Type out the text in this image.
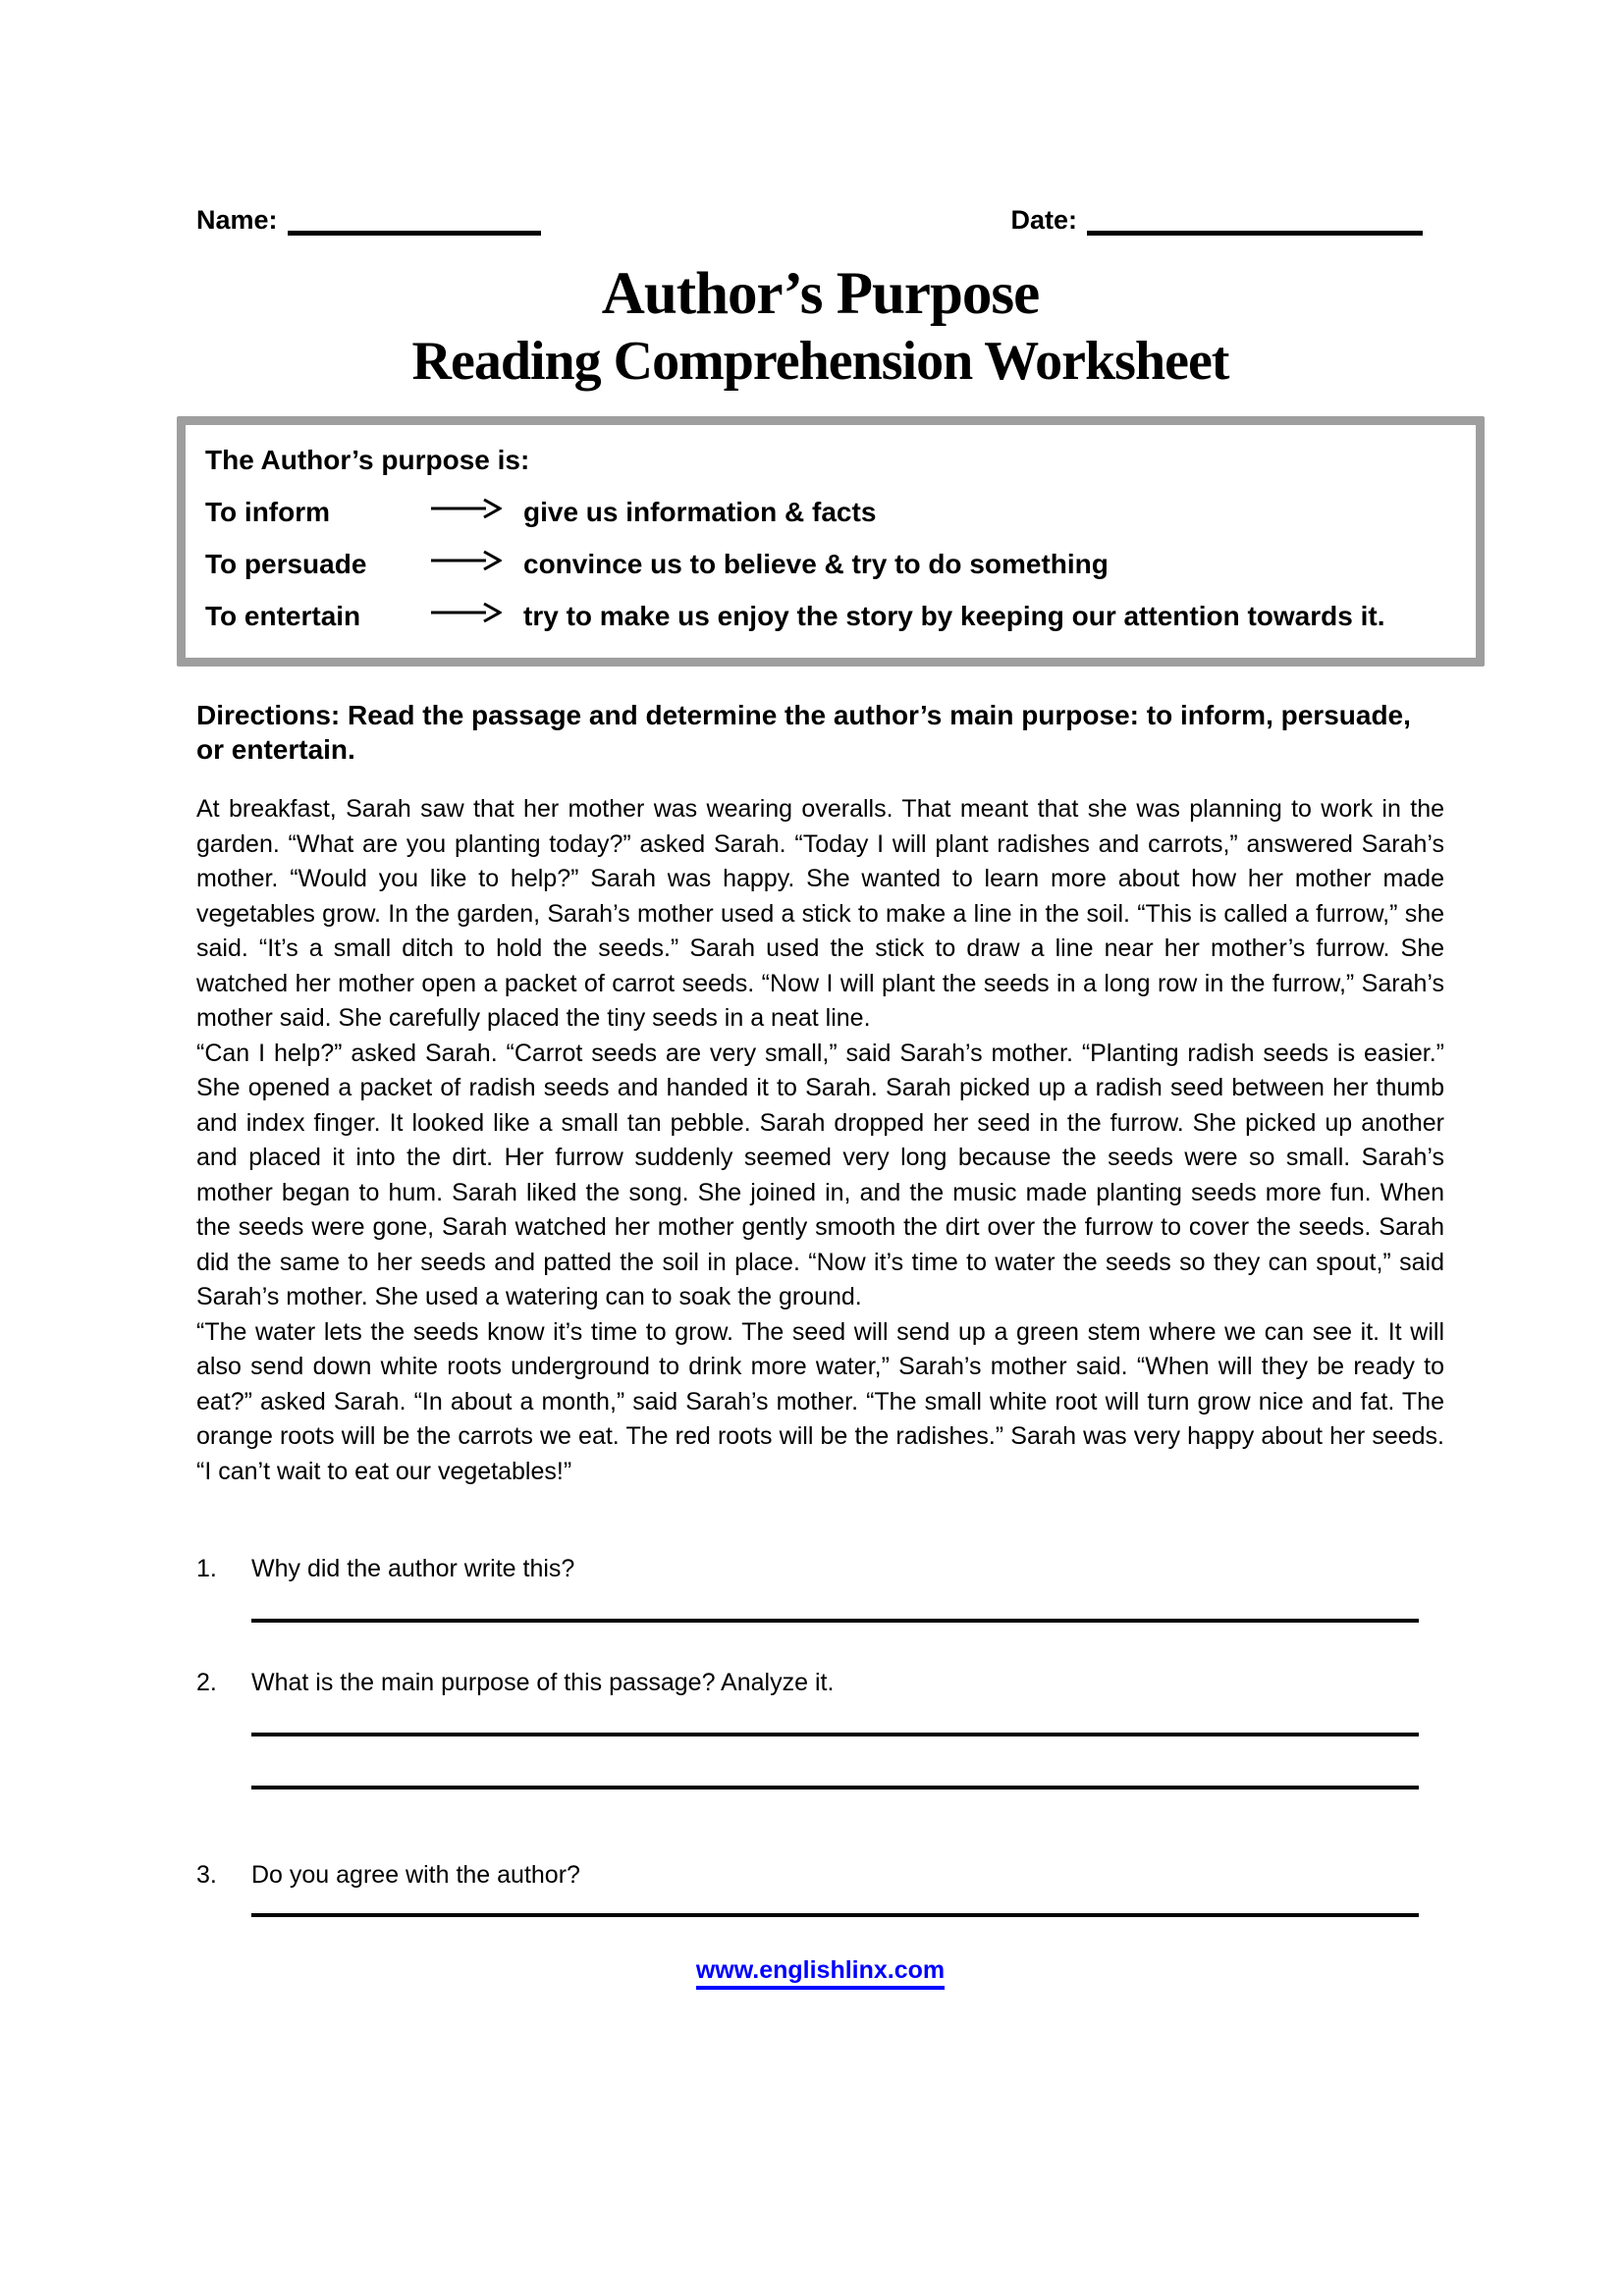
Name:	Date:
Author’s Purpose
Reading Comprehension Worksheet
The Author’s purpose is:
To inform	give us information & facts
To persuade	convince us to believe & try to do something
To entertain	try to make us enjoy the story by keeping our attention towards it.

Directions: Read the passage and determine the author’s main purpose: to inform, persuade, or entertain.

At breakfast, Sarah saw that her mother was wearing overalls. That meant that she was planning to work in the garden. “What are you planting today?” asked Sarah. “Today I will plant radishes and carrots,” answered Sarah’s mother. “Would you like to help?” Sarah was happy. She wanted to learn more about how her mother made vegetables grow. In the garden, Sarah’s mother used a stick to make a line in the soil. “This is called a furrow,” she said. “It’s a small ditch to hold the seeds.” Sarah used the stick to draw a line near her mother’s furrow. She watched her mother open a packet of carrot seeds. “Now I will plant the seeds in a long row in the furrow,” Sarah’s mother said. She carefully placed the tiny seeds in a neat line.

“Can I help?” asked Sarah. “Carrot seeds are very small,” said Sarah’s mother. “Planting radish seeds is easier.” She opened a packet of radish seeds and handed it to Sarah. Sarah picked up a radish seed between her thumb and index finger. It looked like a small tan pebble. Sarah dropped her seed in the furrow. She picked up another and placed it into the dirt. Her furrow suddenly seemed very long because the seeds were so small. Sarah’s mother began to hum. Sarah liked the song. She joined in, and the music made planting seeds more fun. When the seeds were gone, Sarah watched her mother gently smooth the dirt over the furrow to cover the seeds. Sarah did the same to her seeds and patted the soil in place. “Now it’s time to water the seeds so they can spout,” said Sarah’s mother. She used a watering can to soak the ground.

“The water lets the seeds know it’s time to grow. The seed will send up a green stem where we can see it. It will also send down white roots underground to drink more water,” Sarah’s mother said. “When will they be ready to eat?” asked Sarah. “In about a month,” said Sarah’s mother. “The small white root will turn grow nice and fat. The orange roots will be the carrots we eat. The red roots will be the radishes.” Sarah was very happy about her seeds. “I can’t wait to eat our vegetables!”

1.	Why did the author write this?
2.	What is the main purpose of this passage? Analyze it.
3.	Do you agree with the author?
www.englishlinx.com
